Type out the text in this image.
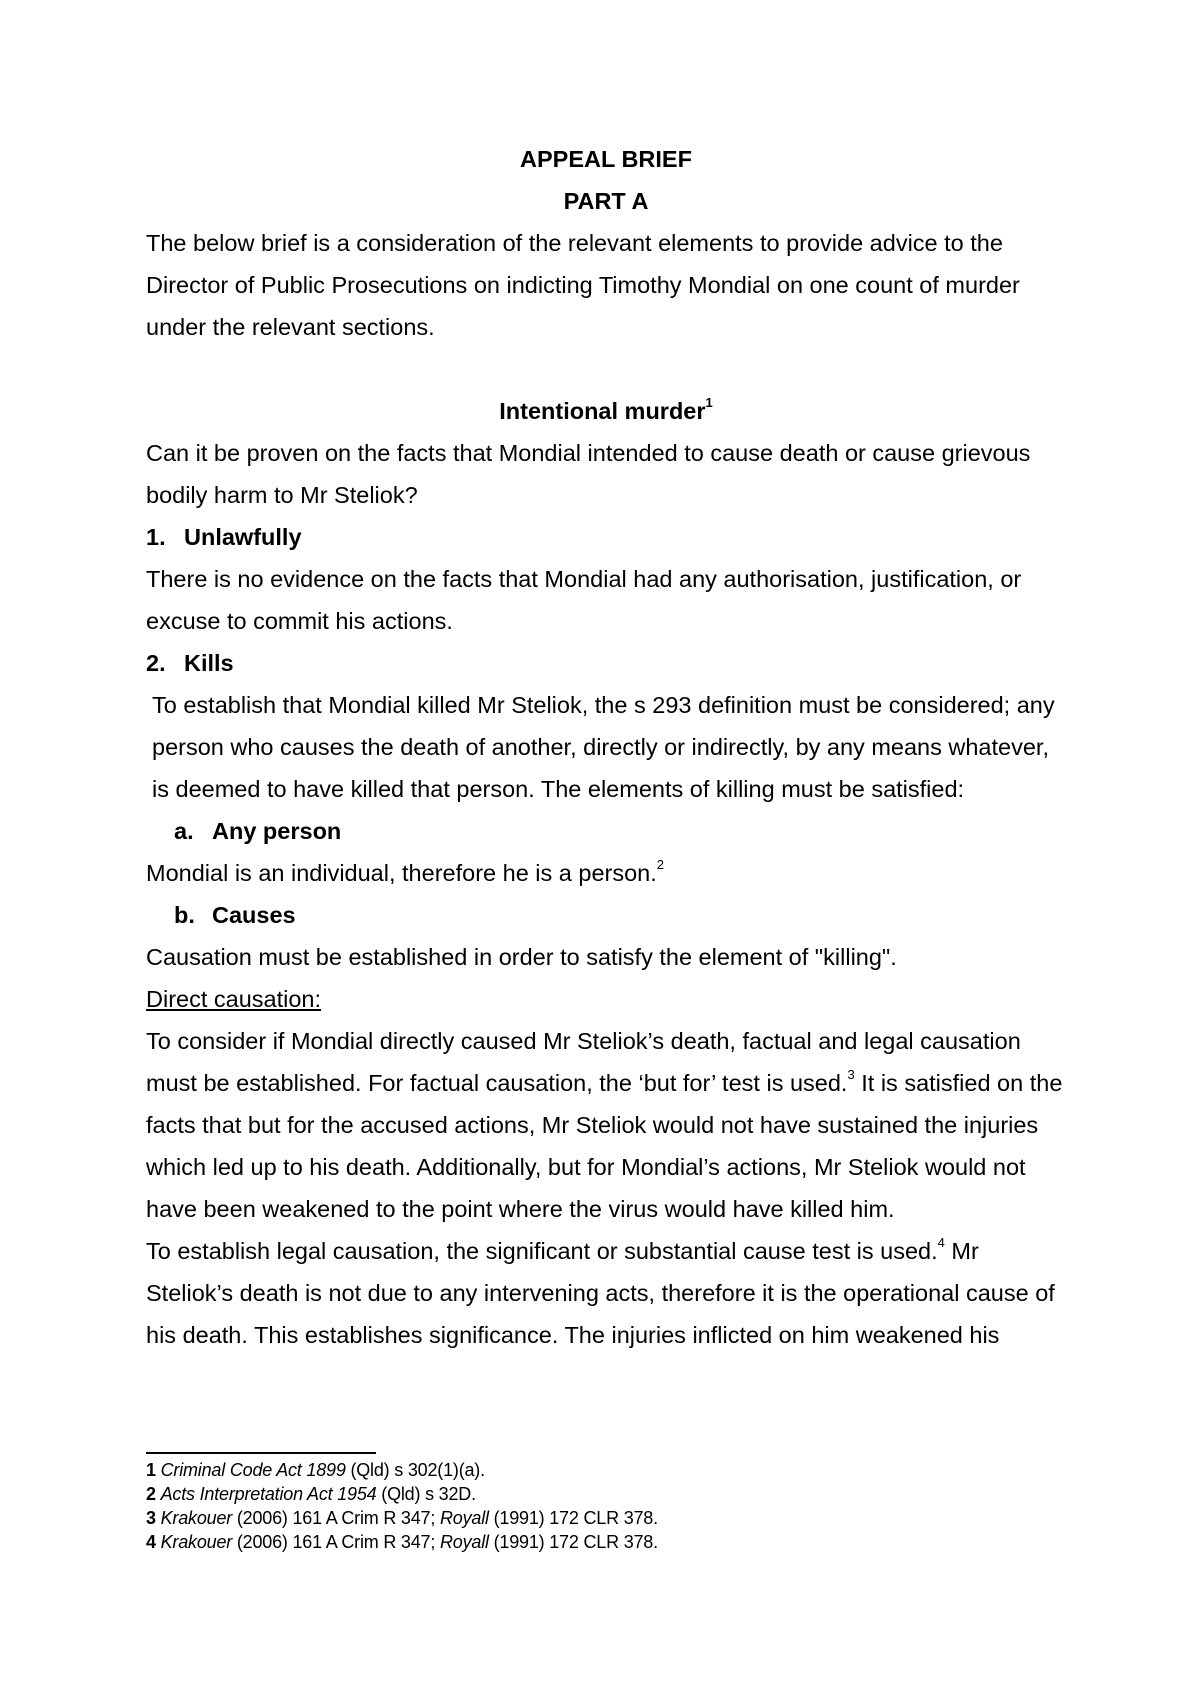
APPEAL BRIEF

PART A

The below brief is a consideration of the relevant elements to provide advice to the Director of Public Prosecutions on indicting Timothy Mondial on one count of murder under the relevant sections.

Intentional murder$^1$

Can it be proven on the facts that Mondial intended to cause death or cause grievous bodily harm to Mr Steliok?

1. Unlawfully

There is no evidence on the facts that Mondial had any authorisation, justification, or excuse to commit his actions.

2. Kills

To establish that Mondial killed Mr Steliok, the s 293 definition must be considered; any person who causes the death of another, directly or indirectly, by any means whatever, is deemed to have killed that person. The elements of killing must be satisfied:

a. Any person

Mondial is an individual, therefore he is a person.$^2$

b. Causes

Causation must be established in order to satisfy the element of "killing".

Direct causation:

To consider if Mondial directly caused Mr Steliok’s death, factual and legal causation must be established. For factual causation, the ‘but for’ test is used.$^3$ It is satisfied on the facts that but for the accused actions, Mr Steliok would not have sustained the injuries which led up to his death. Additionally, but for Mondial’s actions, Mr Steliok would not have been weakened to the point where the virus would have killed him.

To establish legal causation, the significant or substantial cause test is used.$^4$ Mr Steliok’s death is not due to any intervening acts, therefore it is the operational cause of his death. This establishes significance. The injuries inflicted on him weakened his

1 Criminal Code Act 1899 (Qld) s 302(1)(a).
2 Acts Interpretation Act 1954 (Qld) s 32D.
3 Krakouer (2006) 161 A Crim R 347; Royall (1991) 172 CLR 378.
4 Krakouer (2006) 161 A Crim R 347; Royall (1991) 172 CLR 378.
